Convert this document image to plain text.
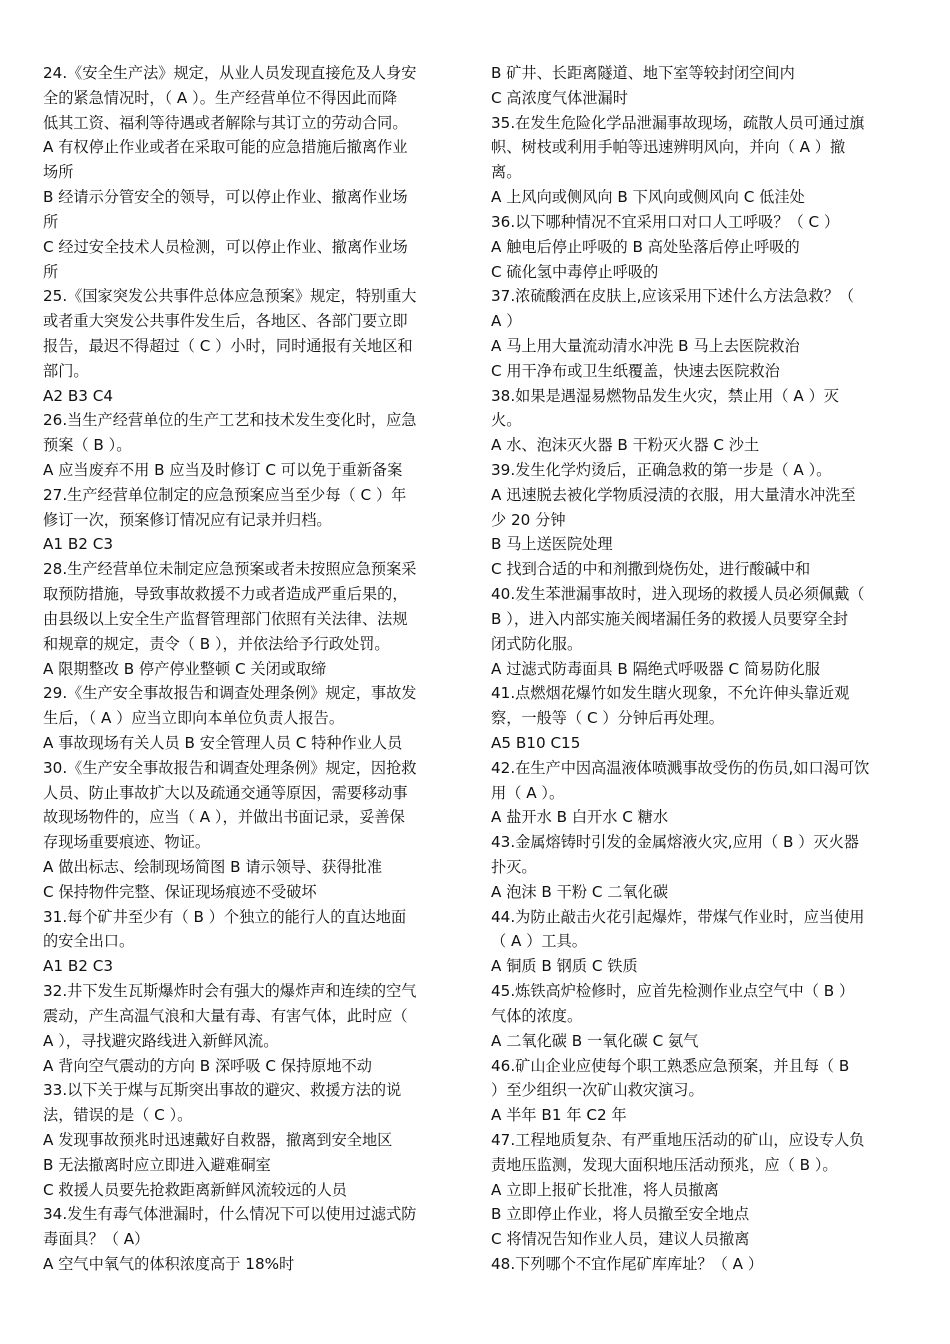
24.《安全生产法》规定，从业人员发现直接危及人身安
全的紧急情况时，（ A ）。生产经营单位不得因此而降
低其工资、福利等待遇或者解除与其订立的劳动合同。
A 有权停止作业或者在采取可能的应急措施后撤离作业
场所
B 经请示分管安全的领导，可以停止作业、撤离作业场
所
C 经过安全技术人员检测，可以停止作业、撤离作业场
所
25.《国家突发公共事件总体应急预案》规定，特别重大
或者重大突发公共事件发生后，各地区、各部门要立即
报告，最迟不得超过（ C ）小时，同时通报有关地区和
部门。
A2 B3 C4
26.当生产经营单位的生产工艺和技术发生变化时，应急
预案（ B ）。
A 应当废弃不用 B 应当及时修订 C 可以免于重新备案
27.生产经营单位制定的应急预案应当至少每（ C ）年
修订一次，预案修订情况应有记录并归档。
A1 B2 C3
28.生产经营单位未制定应急预案或者未按照应急预案采
取预防措施，导致事故救援不力或者造成严重后果的，
由县级以上安全生产监督管理部门依照有关法律、法规
和规章的规定，责令（ B ），并依法给予行政处罚。
A 限期整改 B 停产停业整顿 C 关闭或取缔
29.《生产安全事故报告和调查处理条例》规定，事故发
生后，（ A ）应当立即向本单位负责人报告。
A 事故现场有关人员 B 安全管理人员 C 特种作业人员
30.《生产安全事故报告和调查处理条例》规定，因抢救
人员、防止事故扩大以及疏通交通等原因，需要移动事
故现场物件的，应当（ A ），并做出书面记录，妥善保
存现场重要痕迹、物证。
A 做出标志、绘制现场简图 B 请示领导、获得批准
C 保持物件完整、保证现场痕迹不受破坏
31.每个矿井至少有（ B ）个独立的能行人的直达地面
的安全出口。
A1 B2 C3
32.井下发生瓦斯爆炸时会有强大的爆炸声和连续的空气
震动，产生高温气浪和大量有毒、有害气体，此时应（
A ），寻找避灾路线进入新鲜风流。
A 背向空气震动的方向 B 深呼吸 C 保持原地不动
33.以下关于煤与瓦斯突出事故的避灾、救援方法的说
法，错误的是（ C ）。
A 发现事故预兆时迅速戴好自救器，撤离到安全地区
B 无法撤离时应立即进入避难硐室
C 救援人员要先抢救距离新鲜风流较远的人员
34.发生有毒气体泄漏时，什么情况下可以使用过滤式防
毒面具？（ A）
A 空气中氧气的体积浓度高于 18%时
B 矿井、长距离隧道、地下室等较封闭空间内
C 高浓度气体泄漏时
35.在发生危险化学品泄漏事故现场，疏散人员可通过旗
帜、树枝或利用手帕等迅速辨明风向，并向（ A ）撤
离。
A 上风向或侧风向 B 下风向或侧风向 C 低洼处
36.以下哪种情况不宜采用口对口人工呼吸？（ C ）
A 触电后停止呼吸的 B 高处坠落后停止呼吸的
C 硫化氢中毒停止呼吸的
37.浓硫酸洒在皮肤上,应该采用下述什么方法急救？（
A ）
A 马上用大量流动清水冲洗 B 马上去医院救治
C 用干净布或卫生纸覆盖，快速去医院救治
38.如果是遇湿易燃物品发生火灾，禁止用（ A ）灭
火。
A 水、泡沫灭火器 B 干粉灭火器 C 沙土
39.发生化学灼烫后，正确急救的第一步是（ A ）。
A 迅速脱去被化学物质浸渍的衣服，用大量清水冲洗至
少 20 分钟
B 马上送医院处理
C 找到合适的中和剂撒到烧伤处，进行酸碱中和
40.发生苯泄漏事故时，进入现场的救援人员必须佩戴（
B ），进入内部实施关阀堵漏任务的救援人员要穿全封
闭式防化服。
A 过滤式防毒面具 B 隔绝式呼吸器 C 简易防化服
41.点燃烟花爆竹如发生瞎火现象，不允许伸头靠近观
察，一般等（ C ）分钟后再处理。
A5 B10 C15
42.在生产中因高温液体喷溅事故受伤的伤员,如口渴可饮
用（ A ）。
A 盐开水 B 白开水 C 糖水
43.金属熔铸时引发的金属熔液火灾,应用（ B ）灭火器
扑灭。
A 泡沫 B 干粉 C 二氧化碳
44.为防止敲击火花引起爆炸，带煤气作业时，应当使用
（ A ）工具。
A 铜质 B 钢质 C 铁质
45.炼铁高炉检修时，应首先检测作业点空气中（ B ）
气体的浓度。
A 二氧化碳 B 一氧化碳 C 氨气
46.矿山企业应使每个职工熟悉应急预案，并且每（ B
）至少组织一次矿山救灾演习。
A 半年 B1 年 C2 年
47.工程地质复杂、有严重地压活动的矿山，应设专人负
责地压监测，发现大面积地压活动预兆，应（ B ）。
A 立即上报矿长批准，将人员撤离
B 立即停止作业，将人员撤至安全地点
C 将情况告知作业人员，建议人员撤离
48.下列哪个不宜作尾矿库库址？（ A ）
